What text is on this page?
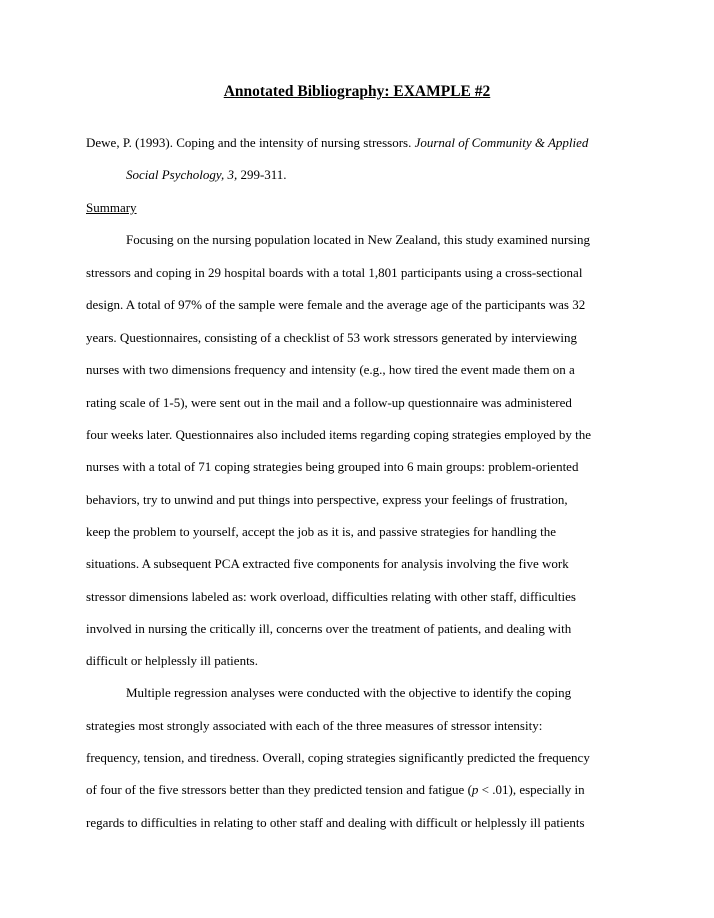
Annotated Bibliography: EXAMPLE #2
Dewe, P. (1993). Coping and the intensity of nursing stressors. Journal of Community & Applied
Social Psychology, 3, 299-311.
Summary
Focusing on the nursing population located in New Zealand, this study examined nursing
stressors and coping in 29 hospital boards with a total 1,801 participants using a cross-sectional
design. A total of 97% of the sample were female and the average age of the participants was 32
years. Questionnaires, consisting of a checklist of 53 work stressors generated by interviewing
nurses with two dimensions frequency and intensity (e.g., how tired the event made them on a
rating scale of 1-5), were sent out in the mail and a follow-up questionnaire was administered
four weeks later. Questionnaires also included items regarding coping strategies employed by the
nurses with a total of 71 coping strategies being grouped into 6 main groups: problem-oriented
behaviors, try to unwind and put things into perspective, express your feelings of frustration,
keep the problem to yourself, accept the job as it is, and passive strategies for handling the
situations. A subsequent PCA extracted five components for analysis involving the five work
stressor dimensions labeled as: work overload, difficulties relating with other staff, difficulties
involved in nursing the critically ill, concerns over the treatment of patients, and dealing with
difficult or helplessly ill patients.
Multiple regression analyses were conducted with the objective to identify the coping
strategies most strongly associated with each of the three measures of stressor intensity:
frequency, tension, and tiredness. Overall, coping strategies significantly predicted the frequency
of four of the five stressors better than they predicted tension and fatigue (p < .01), especially in
regards to difficulties in relating to other staff and dealing with difficult or helplessly ill patients
